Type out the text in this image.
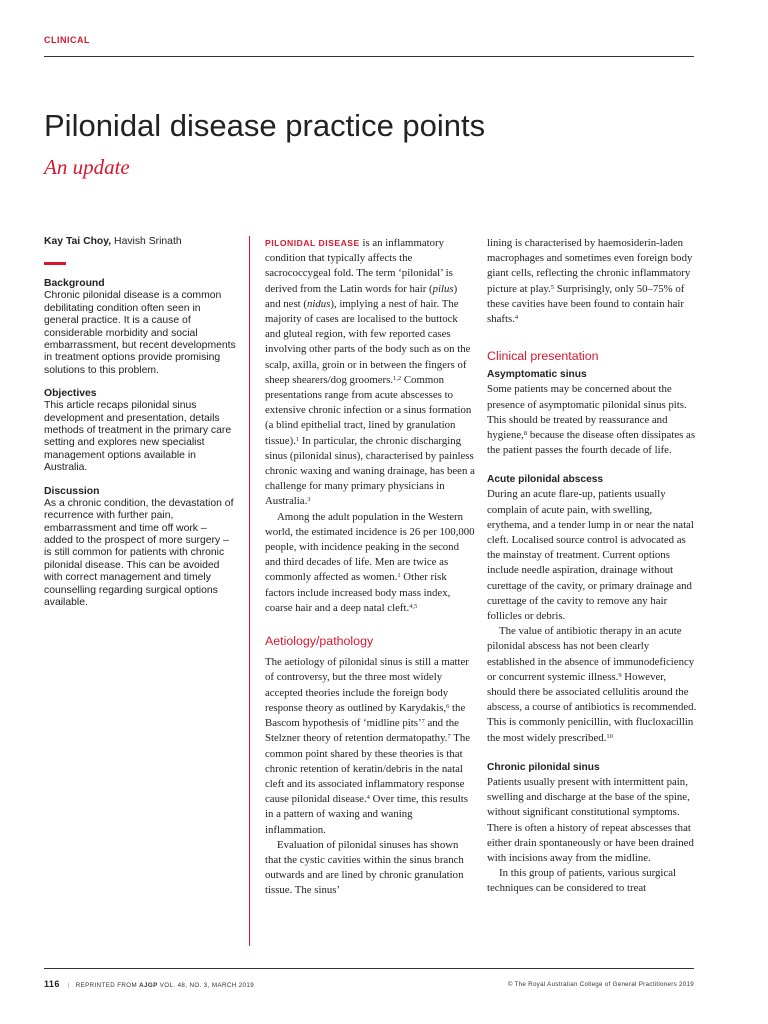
CLINICAL
Pilonidal disease practice points
An update
Kay Tai Choy, Havish Srinath
Background

Chronic pilonidal disease is a common debilitating condition often seen in general practice. It is a cause of considerable morbidity and social embarrassment, but recent developments in treatment options provide promising solutions to this problem.

Objectives

This article recaps pilonidal sinus development and presentation, details methods of treatment in the primary care setting and explores new specialist management options available in Australia.

Discussion

As a chronic condition, the devastation of recurrence with further pain, embarrassment and time off work – added to the prospect of more surgery – is still common for patients with chronic pilonidal disease. This can be avoided with correct management and timely counselling regarding surgical options available.

PILONIDAL DISEASE is an inflammatory condition that typically affects the sacrococcygeal fold. The term ‘pilonidal’ is derived from the Latin words for hair (pilus) and nest (nidus), implying a nest of hair. The majority of cases are localised to the buttock and gluteal region, with few reported cases involving other parts of the body such as on the scalp, axilla, groin or in between the fingers of sheep shearers/dog groomers.$^{1,2}$ Common presentations range from acute abscesses to extensive chronic infection or a sinus formation (a blind epithelial tract, lined by granulation tissue).$^1$ In particular, the chronic discharging sinus (pilonidal sinus), characterised by painless chronic waxing and waning drainage, has been a challenge for many primary physicians in Australia.$^3$

Among the adult population in the Western world, the estimated incidence is 26 per 100,000 people, with incidence peaking in the second and third decades of life. Men are twice as commonly affected as women.$^1$ Other risk factors include increased body mass index, coarse hair and a deep natal cleft.$^{4,5}$

Aetiology/pathology

The aetiology of pilonidal sinus is still a matter of controversy, but the three most widely accepted theories include the foreign body response theory as outlined by Karydakis,$^6$ the Bascom hypothesis of ‘midline pits’$^7$ and the Stelzner theory of retention dermatopathy.$^7$ The common point shared by these theories is that chronic retention of keratin/debris in the natal cleft and its associated inflammatory response cause pilonidal disease.$^4$ Over time, this results in a pattern of waxing and waning inflammation.

Evaluation of pilonidal sinuses has shown that the cystic cavities within the sinus branch outwards and are lined by chronic granulation tissue. The sinus’

lining is characterised by haemosiderin-laden macrophages and sometimes even foreign body giant cells, reflecting the chronic inflammatory picture at play.$^5$ Surprisingly, only 50–75% of these cavities have been found to contain hair shafts.$^4$

Clinical presentation
Asymptomatic sinus

Some patients may be concerned about the presence of asymptomatic pilonidal sinus pits. This should be treated by reassurance and hygiene,$^8$ because the disease often dissipates as the patient passes the fourth decade of life.

Acute pilonidal abscess

During an acute flare-up, patients usually complain of acute pain, with swelling, erythema, and a tender lump in or near the natal cleft. Localised source control is advocated as the mainstay of treatment. Current options include needle aspiration, drainage without curettage of the cavity, or primary drainage and curettage of the cavity to remove any hair follicles or debris.

The value of antibiotic therapy in an acute pilonidal abscess has not been clearly established in the absence of immunodeficiency or concurrent systemic illness.$^9$ However, should there be associated cellulitis around the abscess, a course of antibiotics is recommended. This is commonly penicillin, with flucloxacillin the most widely prescribed.$^{10}$

Chronic pilonidal sinus

Patients usually present with intermittent pain, swelling and discharge at the base of the spine, without significant constitutional symptoms. There is often a history of repeat abscesses that either drain spontaneously or have been drained with incisions away from the midline.

In this group of patients, various surgical techniques can be considered to treat

116 | REPRINTED FROM AJGP VOL. 48, NO. 3, MARCH 2019	© The Royal Australian College of General Practitioners 2019
